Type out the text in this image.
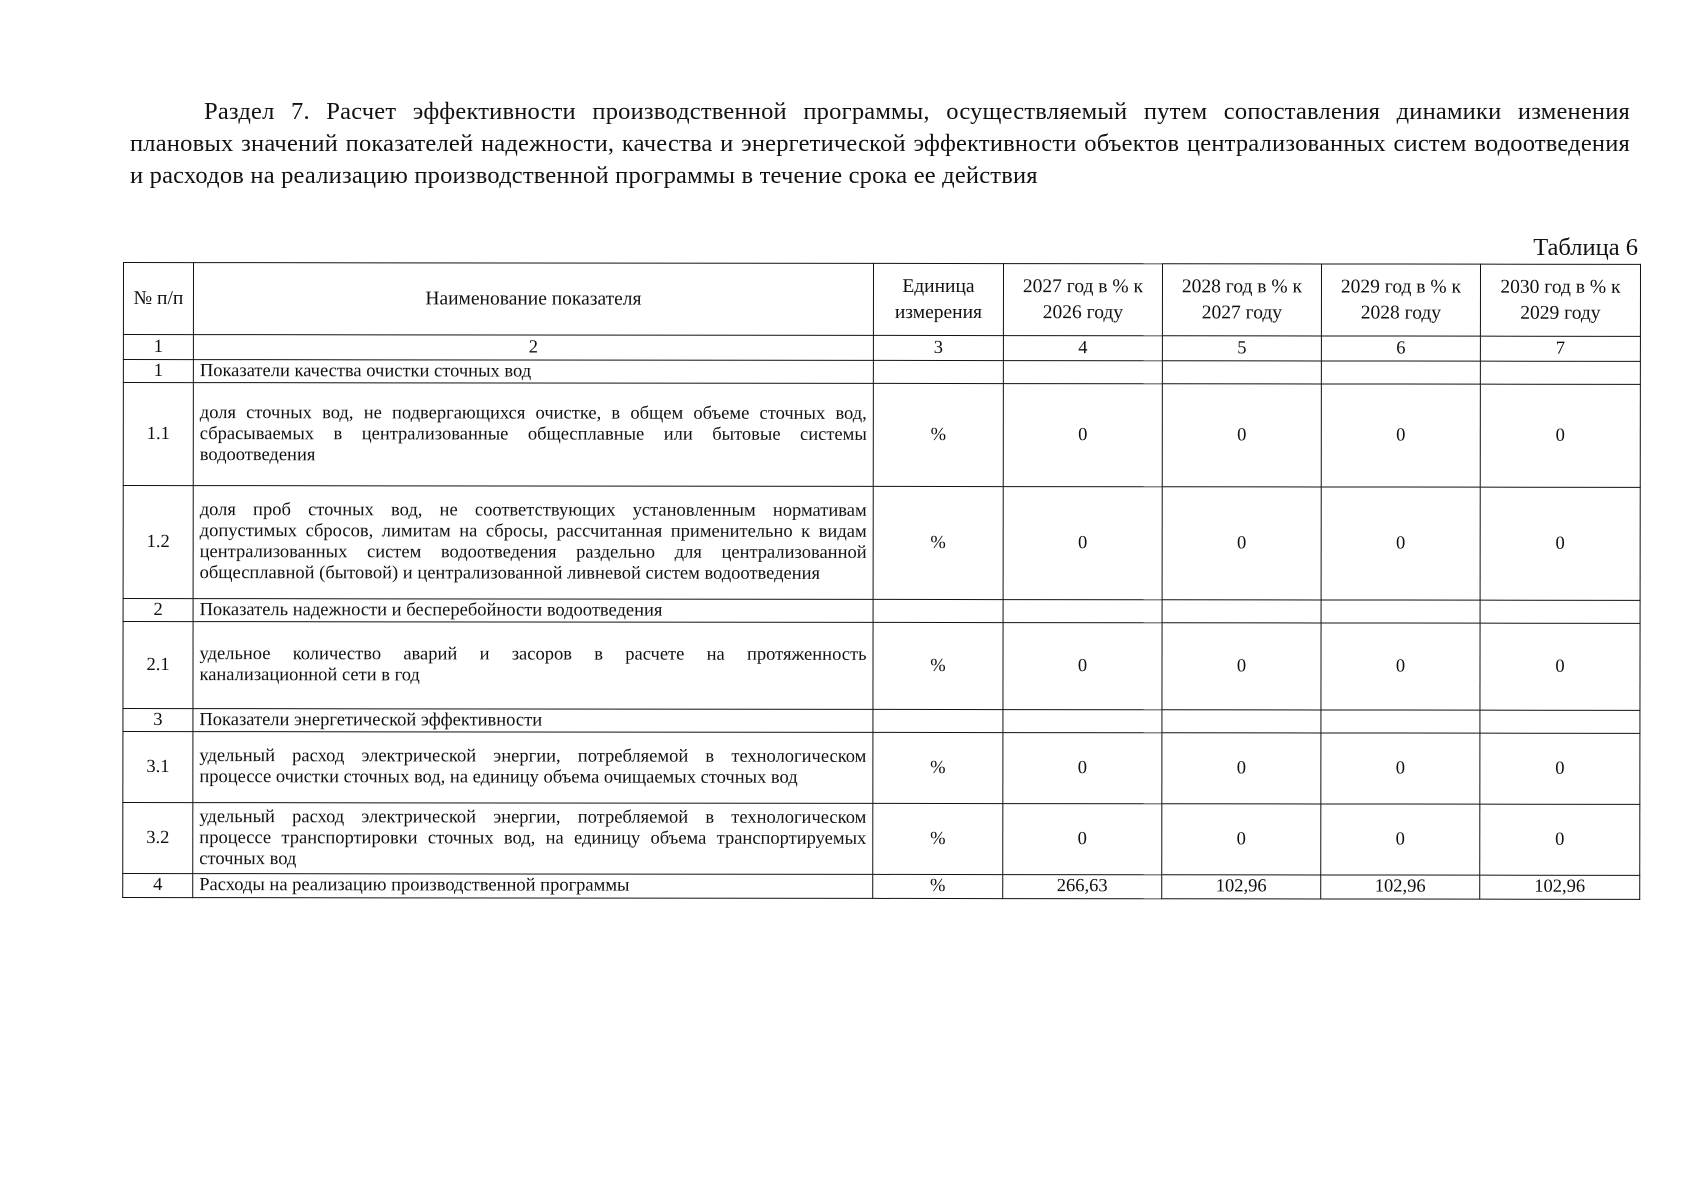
Раздел 7. Расчет эффективности производственной программы, осуществляемый путем сопоставления динамики изменения плановых значений показателей надежности, качества и энергетической эффективности объектов централизованных систем водоотведения и расходов на реализацию производственной программы в течение срока ее действия

Таблица 6
№ п/п	Наименование показателя	Единица измерения	2027 год в % к 2026 году	2028 год в % к 2027 году	2029 год в % к 2028 году	2030 год в % к 2029 году
1	2	3	4	5	6	7
1	Показатели качества очистки сточных вод					
1.1	доля сточных вод, не подвергающихся очистке, в общем объеме сточных вод, сбрасываемых в централизованные общесплавные или бытовые системы водоотведения	%	0	0	0	0
1.2	доля проб сточных вод, не соответствующих установленным нормативам допустимых сбросов, лимитам на сбросы, рассчитанная применительно к видам централизованных систем водоотведения раздельно для централизованной общесплавной (бытовой) и централизованной ливневой систем водоотведения	%	0	0	0	0
2	Показатель надежности и бесперебойности водоотведения					
2.1	удельное количество аварий и засоров в расчете на протяженность канализационной сети в год	%	0	0	0	0
3	Показатели энергетической эффективности					
3.1	удельный расход электрической энергии, потребляемой в технологическом процессе очистки сточных вод, на единицу объема очищаемых сточных вод	%	0	0	0	0
3.2	удельный расход электрической энергии, потребляемой в технологическом процессе транспортировки сточных вод, на единицу объема транспортируемых сточных вод	%	0	0	0	0
4	Расходы на реализацию производственной программы	%	266,63	102,96	102,96	102,96
